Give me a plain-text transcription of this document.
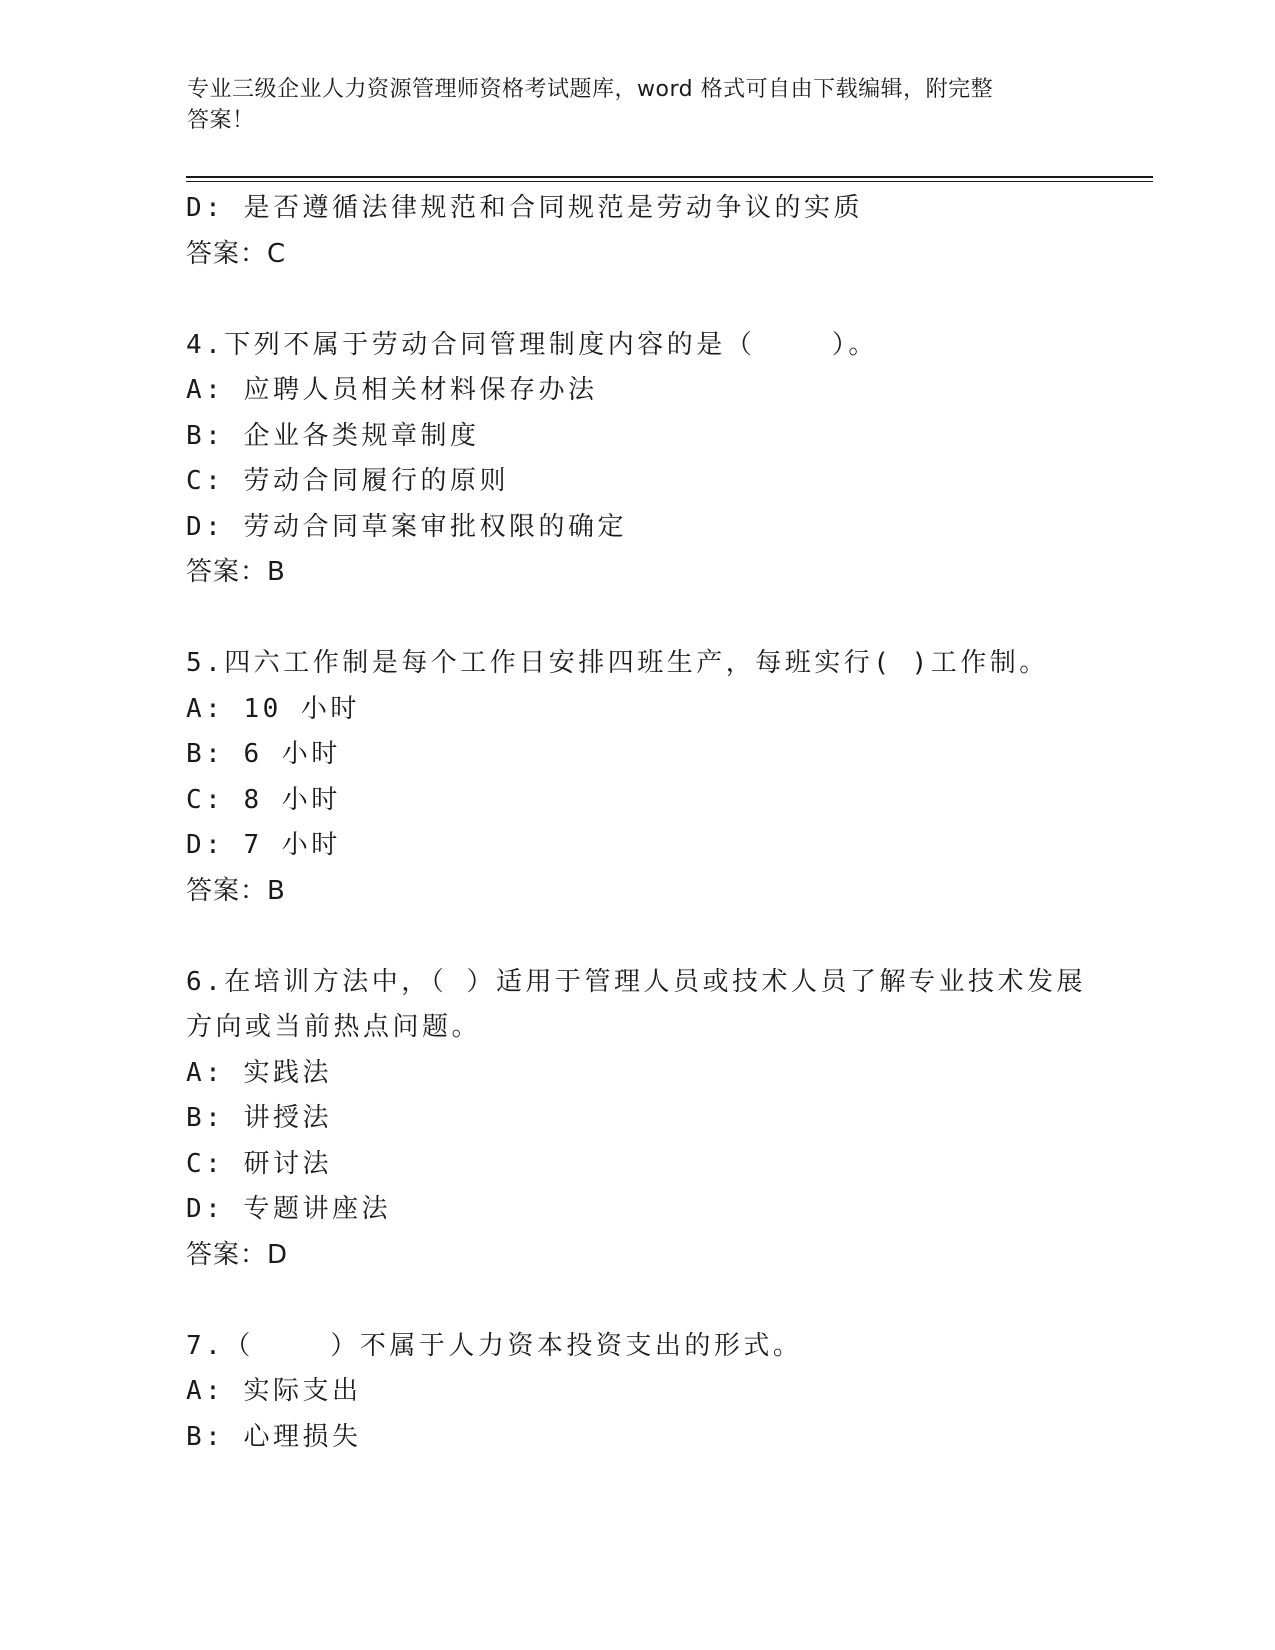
专业三级企业人力资源管理师资格考试题库，word 格式可自由下载编辑，附完整
答案！
D: 是否遵循法律规范和合同规范是劳动争议的实质
答案：C
4.下列不属于劳动合同管理制度内容的是（    ）。
A: 应聘人员相关材料保存办法
B: 企业各类规章制度
C: 劳动合同履行的原则
D: 劳动合同草案审批权限的确定
答案：B
5.四六工作制是每个工作日安排四班生产，每班实行( )工作制。
A: 10 小时
B: 6 小时
C: 8 小时
D: 7 小时
答案：B
6.在培训方法中，（ ）适用于管理人员或技术人员了解专业技术发展
方向或当前热点问题。
A: 实践法
B: 讲授法
C: 研讨法
D: 专题讲座法
答案：D
7.（    ）不属于人力资本投资支出的形式。
A: 实际支出
B: 心理损失
